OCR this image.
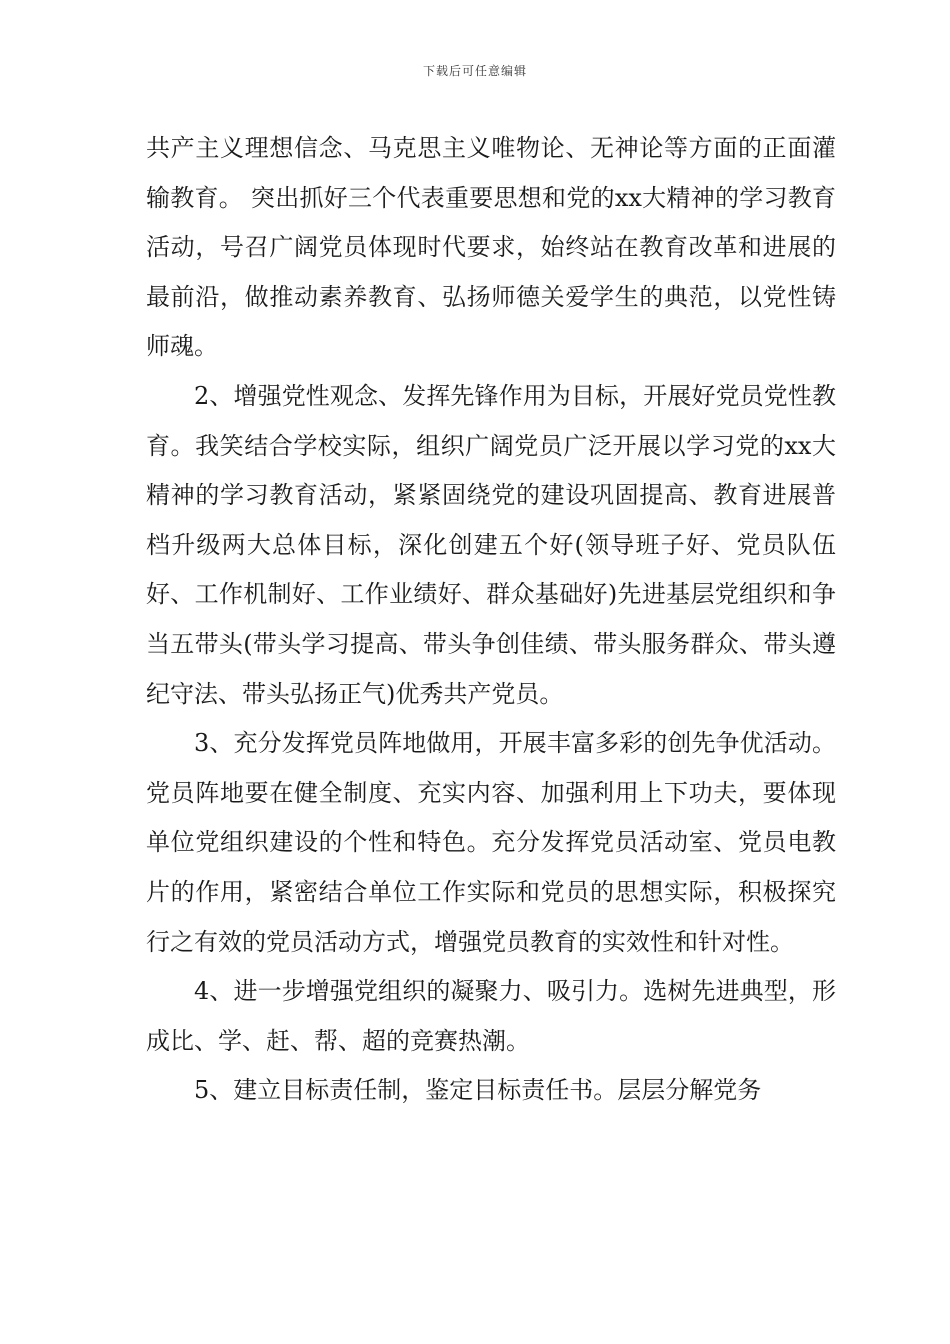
下载后可任意编辑

共产主义理想信念、马克思主义唯物论、无神论等方面的正面灌输教育。 突出抓好三个代表重要思想和党的xx大精神的学习教育活动，号召广阔党员体现时代要求，始终站在教育改革和进展的最前沿，做推动素养教育、弘扬师德关爱学生的典范，以党性铸师魂。

2、增强党性观念、发挥先锋作用为目标，开展好党员党性教育。我笑结合学校实际，组织广阔党员广泛开展以学习党的xx大精神的学习教育活动，紧紧固绕党的建设巩固提高、教育进展普档升级两大总体目标，深化创建五个好(领导班子好、党员队伍好、工作机制好、工作业绩好、群众基础好)先进基层党组织和争当五带头(带头学习提高、带头争创佳绩、带头服务群众、带头遵纪守法、带头弘扬正气)优秀共产党员。

3、充分发挥党员阵地做用，开展丰富多彩的创先争优活动。党员阵地要在健全制度、充实内容、加强利用上下功夫，要体现单位党组织建设的个性和特色。充分发挥党员活动室、党员电教片的作用，紧密结合单位工作实际和党员的思想实际，积极探究行之有效的党员活动方式，增强党员教育的实效性和针对性。

4、进一步增强党组织的凝聚力、吸引力。选树先进典型，形成比、学、赶、帮、超的竞赛热潮。

5、建立目标责任制，鉴定目标责任书。层层分解党务
